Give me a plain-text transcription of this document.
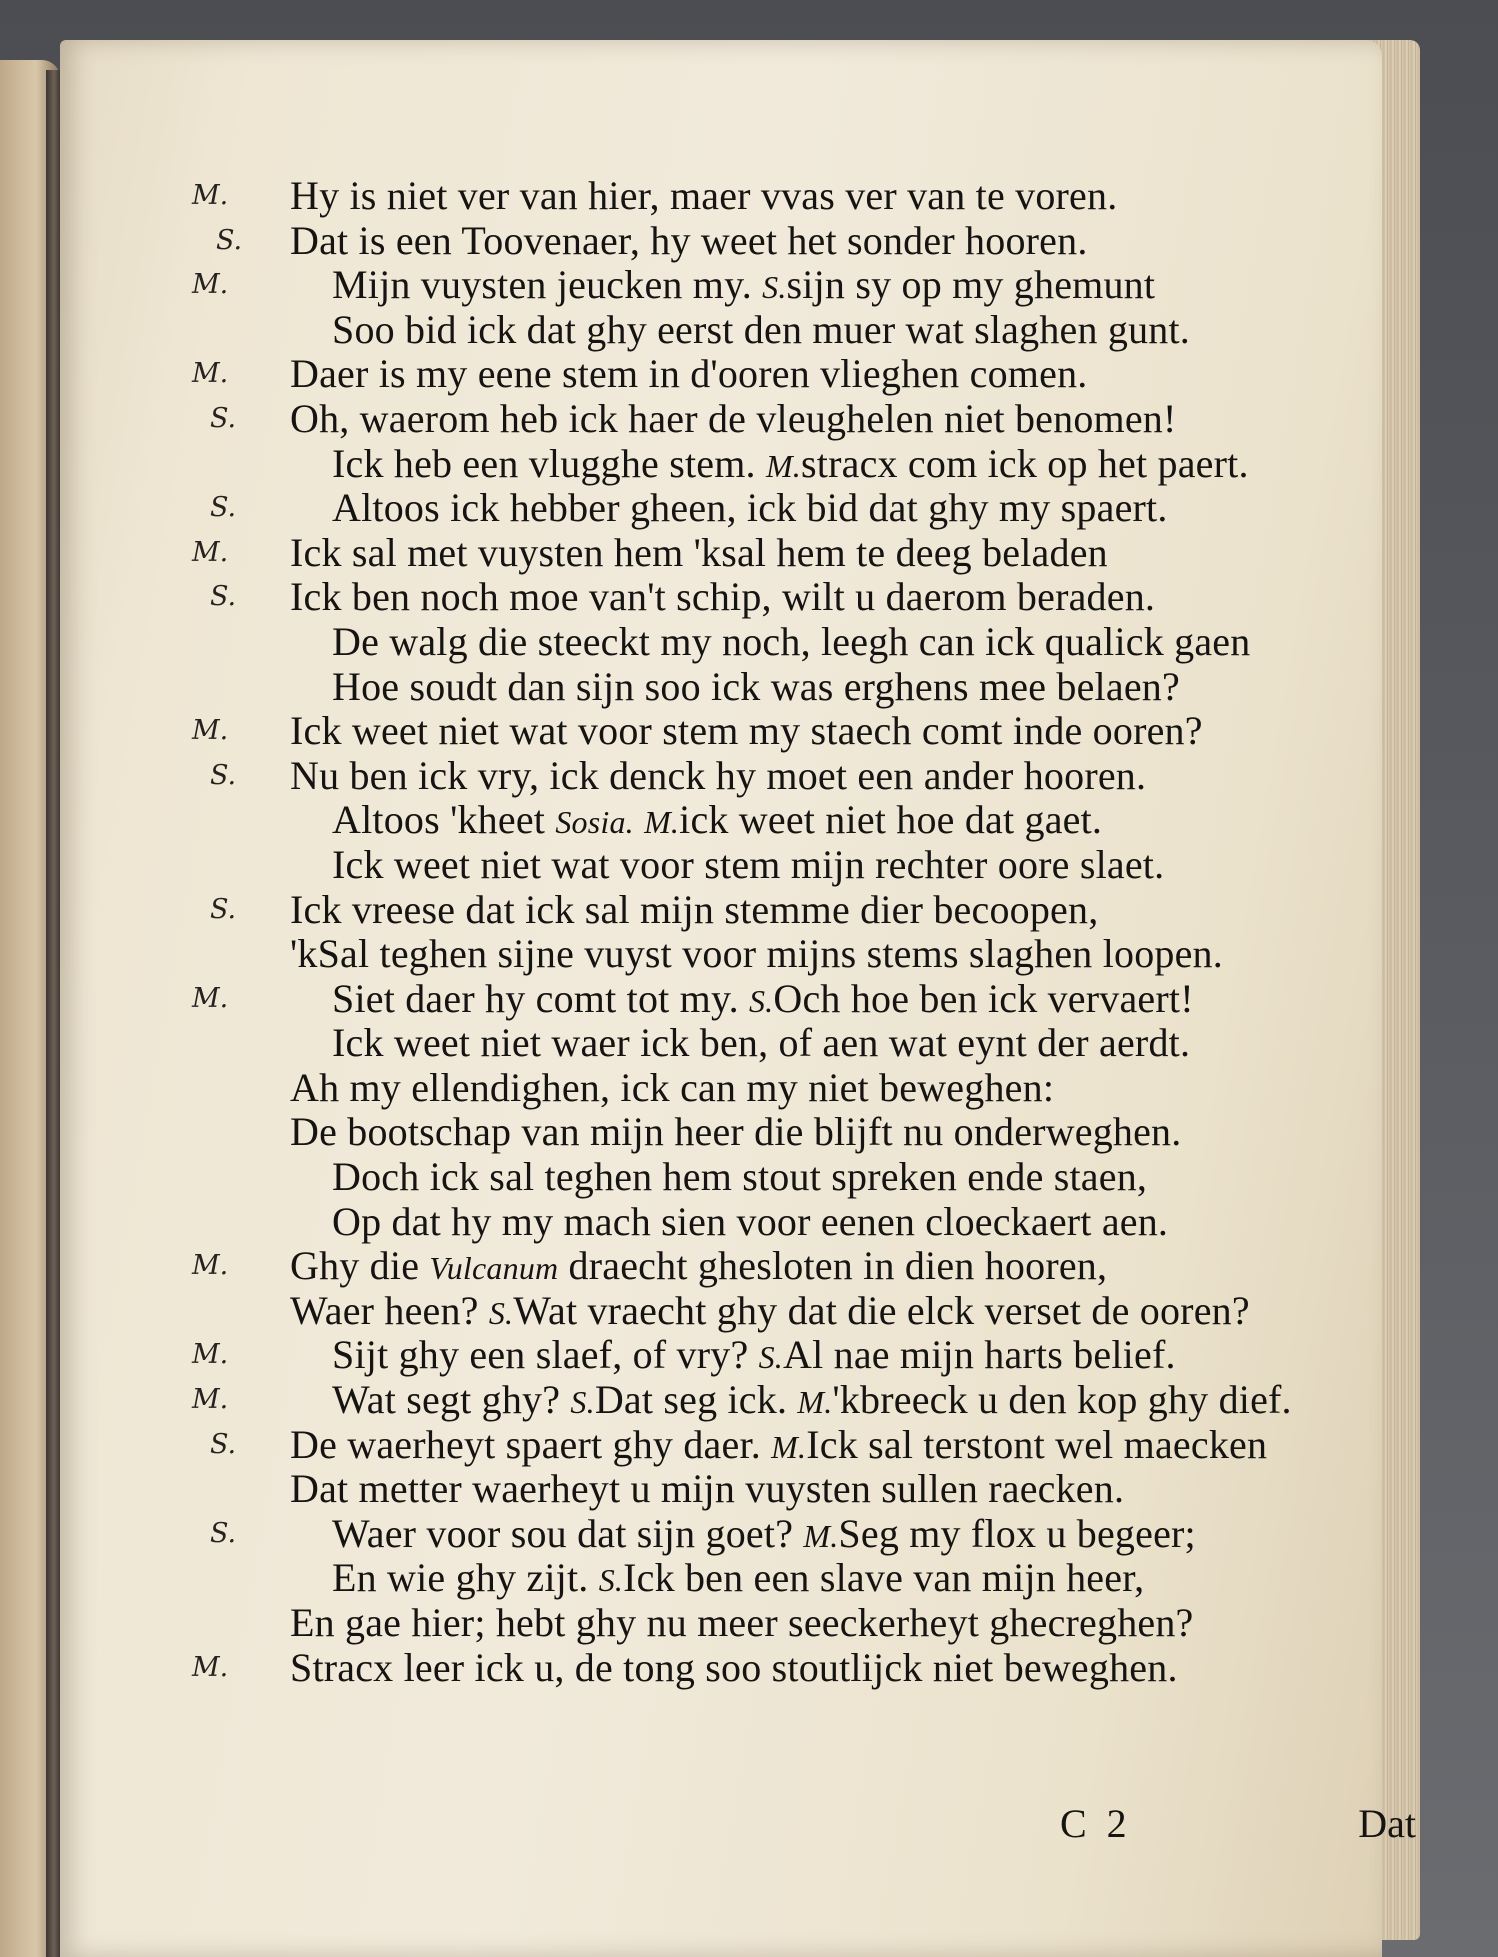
M. Hy is niet ver van hier, maer vvas ver van te voren.
S. Dat is een Toovenaer, hy weet het sonder hooren.
M.	Mijn vuysten jeucken my. S.sijn sy op my ghemunt
Soo bid ick dat ghy eerst den muer wat slaghen gunt.
M. Daer is my eene stem in d'ooren vlieghen comen.
S. Oh, waerom heb ick haer de vleughelen niet benomen!
Ick heb een vlugghe stem. M.stracx com ick op het paert.
S. Altoos ick hebber gheen, ick bid dat ghy my spaert.
M. Ick sal met vuysten hem 'ksal hem te deeg beladen
S. Ick ben noch moe van't schip, wilt u daerom beraden.
De walg die steeckt my noch, leegh can ick qualick gaen
Hoe soudt dan sijn soo ick was erghens mee belaen?
M. Ick weet niet wat voor stem my staech comt inde ooren?
S. Nu ben ick vry, ick denck hy moet een ander hooren.
Altoos 'kheet Sosia. M.ick weet niet hoe dat gaet.
Ick weet niet wat voor stem mijn rechter oore slaet.
S. Ick vreese dat ick sal mijn stemme dier becoopen,
'kSal teghen sijne vuyst voor mijns stems slaghen loopen.
M.	Siet daer hy comt tot my. S.Och hoe ben ick vervaert!
Ick weet niet waer ick ben, of aen wat eynt der aerdt.
Ah my ellendighen, ick can my niet beweghen:
De bootschap van mijn heer die blijft nu onderweghen.
Doch ick sal teghen hem stout spreken ende staen,
Op dat hy my mach sien voor eenen cloeckaert aen.
M. Ghy die Vulcanum draecht ghesloten in dien hooren,
Waer heen? S.Wat vraecht ghy dat die elck verset de ooren?
M.	Sijt ghy een slaef, of vry? S.Al nae mijn harts belief.
M.	Wat segt ghy? S.Dat seg ick. M.'kbreeck u den kop ghy dief.
S. De waerheyt spaert ghy daer. M.Ick sal terstont wel maecken
Dat metter waerheyt u mijn vuysten sullen raecken.
S. Waer voor sou dat sijn goet? M.Seg my flox u begeer;
En wie ghy zijt. S.Ick ben een slave van mijn heer,
En gae hier; hebt ghy nu meer seeckerheyt ghecreghen?
M. Stracx leer ick u, de tong soo stoutlijck niet beweghen.
C 2	Dat
